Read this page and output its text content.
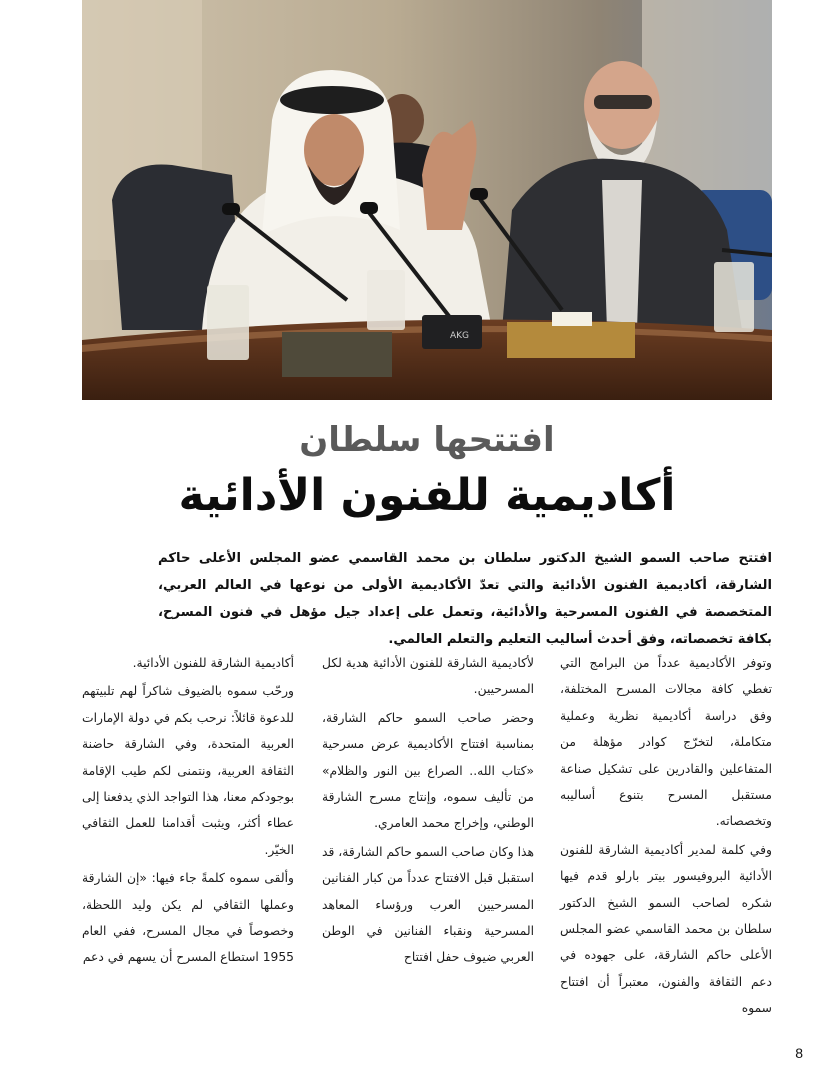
AKG
افتتحها سلطان
أكاديمية للفنون الأدائية
افتتح صاحب السمو الشيخ الدكتور سلطان بن محمد القاسمي عضو المجلس الأعلى حاكم الشارقة، أكاديمية الفنون الأدائية والتي تعدّ الأكاديمية الأولى من نوعها في العالم العربي، المتخصصة في الفنون المسرحية والأدائية، وتعمل على إعداد جيل مؤهل في فنون المسرح، بكافة تخصصاته، وفق أحدث أساليب التعليم والتعلم العالمي.

وتوفر الأكاديمية عدداً من البرامج التي تغطي كافة مجالات المسرح المختلفة، وفق دراسة أكاديمية نظرية وعملية متكاملة، لتخرّج كوادر مؤهلة من المتفاعلين والقادرين على تشكيل صناعة مستقبل المسرح بتنوع أساليبه وتخصصاته.

وفي كلمة لمدير أكاديمية الشارقة للفنون الأدائية البروفيسور بيتر بارلو قدم فيها شكره لصاحب السمو الشيخ الدكتور سلطان بن محمد القاسمي عضو المجلس الأعلى حاكم الشارقة، على جهوده في دعم الثقافة والفنون، معتبراً أن افتتاح سموه

لأكاديمية الشارقة للفنون الأدائية هدية لكل المسرحيين.

وحضر صاحب السمو حاكم الشارقة، بمناسبة افتتاح الأكاديمية عرض مسرحية «كتاب الله.. الصراع بين النور والظلام» من تأليف سموه، وإنتاج مسرح الشارقة الوطني، وإخراج محمد العامري.

هذا وكان صاحب السمو حاكم الشارقة، قد استقبل قبل الافتتاح عدداً من كبار الفنانين المسرحيين العرب ورؤساء المعاهد المسرحية ونقباء الفنانين في الوطن العربي ضيوف حفل افتتاح

أكاديمية الشارقة للفنون الأدائية.

ورحّب سموه بالضيوف شاكراً لهم تلبيتهم للدعوة قائلاً: نرحب بكم في دولة الإمارات العربية المتحدة، وفي الشارقة حاضنة الثقافة العربية، ونتمنى لكم طيب الإقامة بوجودكم معنا، هذا التواجد الذي يدفعنا إلى عطاء أكثر، ويثبت أقدامنا للعمل الثقافي الخيّر.

وألقى سموه كلمةً جاء فيها: «إن الشارقة وعملها الثقافي لم يكن وليد اللحظة، وخصوصاً في مجال المسرح، ففي العام 1955 استطاع المسرح أن يسهم في دعم

8
